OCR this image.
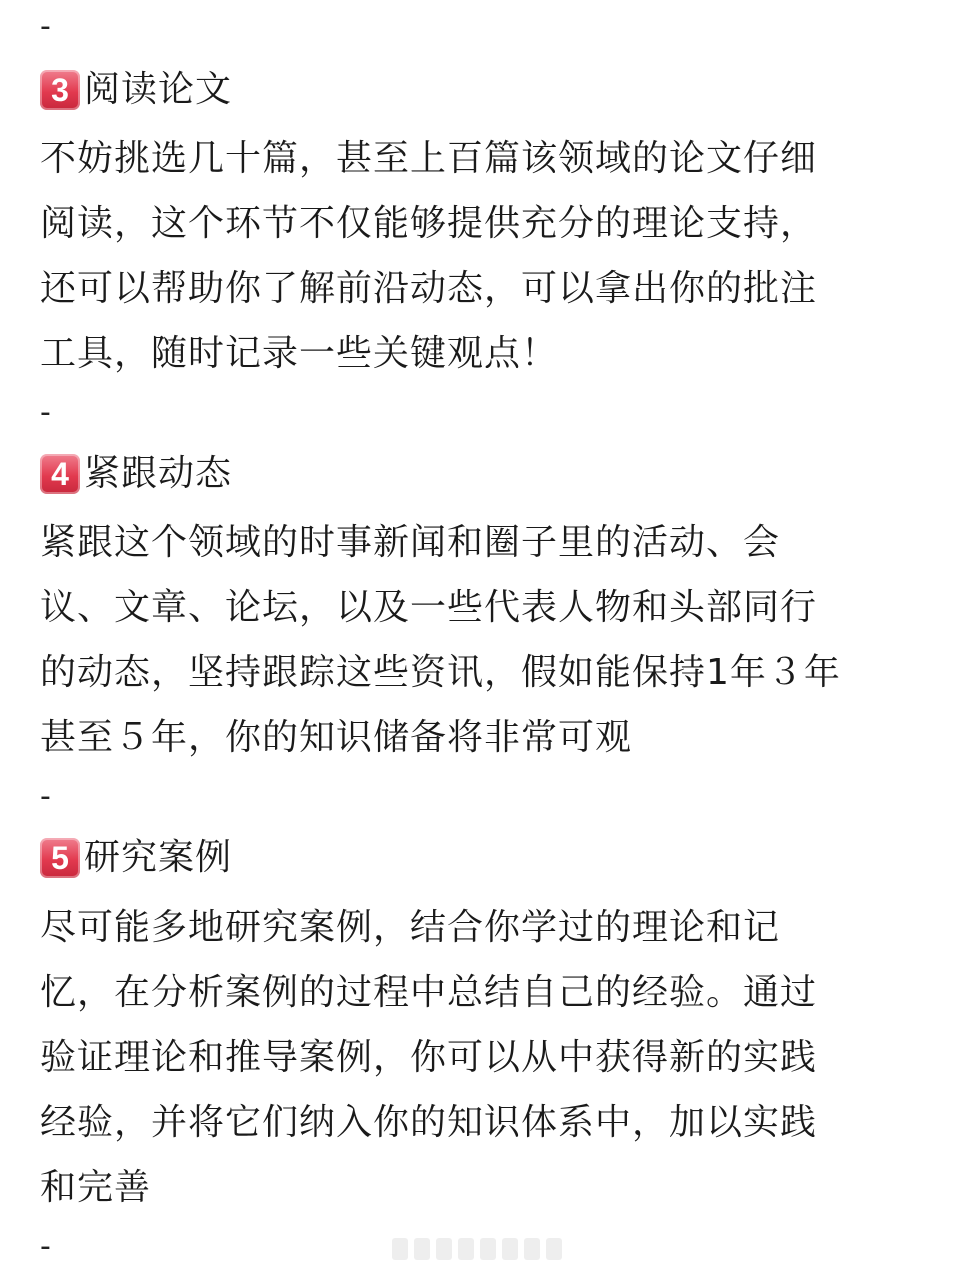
-
-
-
-
3 阅读论文
不妨挑选几十篇，甚至上百篇该领域的论文仔细
阅读，这个环节不仅能够提供充分的理论支持，
还可以帮助你了解前沿动态，可以拿出你的批注
工具，随时记录一些关键观点！
4 紧跟动态
紧跟这个领域的时事新闻和圈子里的活动、会
议、文章、论坛，以及一些代表人物和头部同行
的动态，坚持跟踪这些资讯，假如能保持1年３年
甚至５年，你的知识储备将非常可观
5 研究案例
尽可能多地研究案例，结合你学过的理论和记
忆，在分析案例的过程中总结自己的经验。通过
验证理论和推导案例，你可以从中获得新的实践
经验，并将它们纳入你的知识体系中，加以实践
和完善
